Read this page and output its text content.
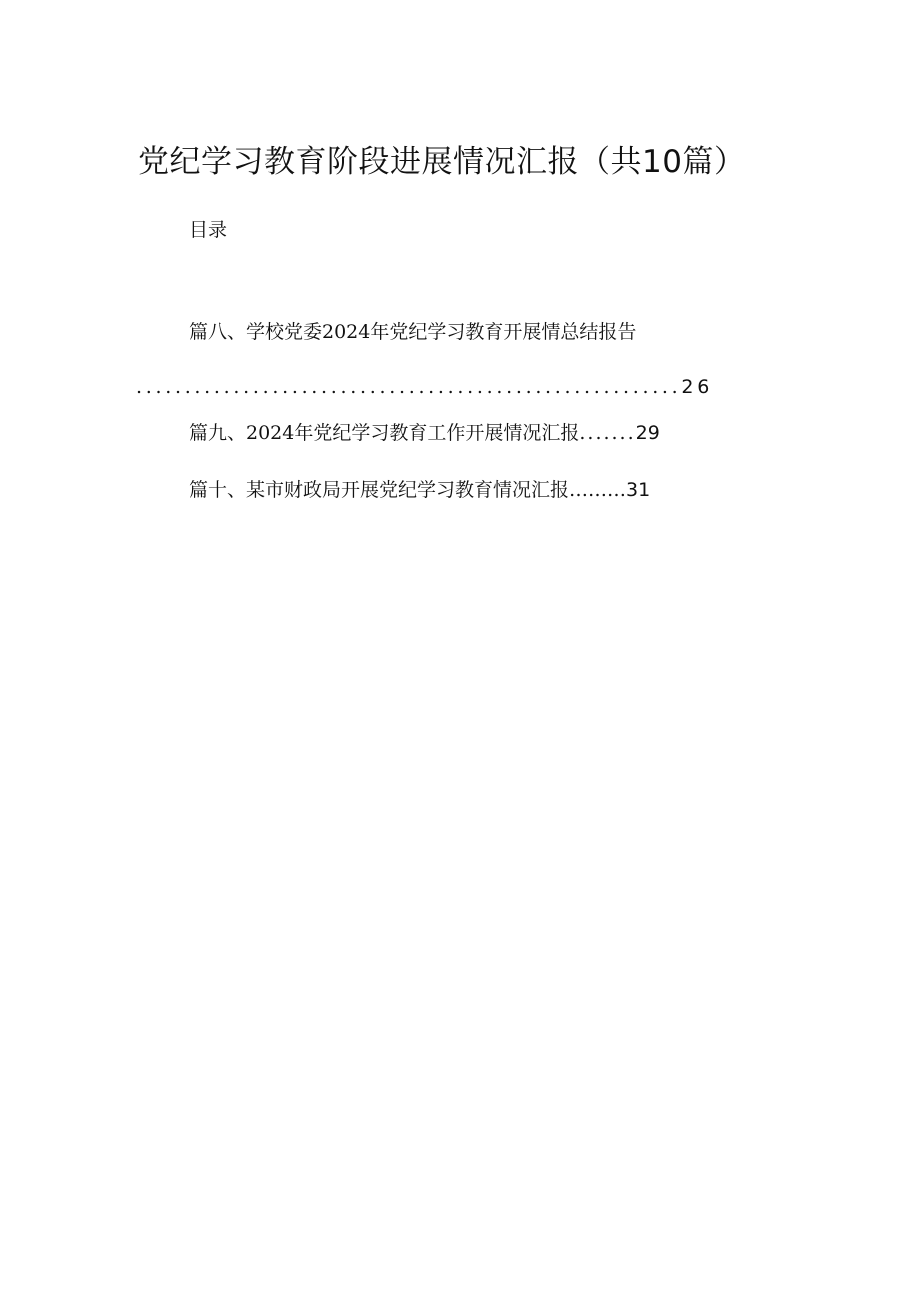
党纪学习教育阶段进展情况汇报（共10篇）
目录
篇八、学校党委2024年党纪学习教育开展情总结报告
........................................................26
篇九、2024年党纪学习教育工作开展情况汇报.......29
篇十、某市财政局开展党纪学习教育情况汇报………31
